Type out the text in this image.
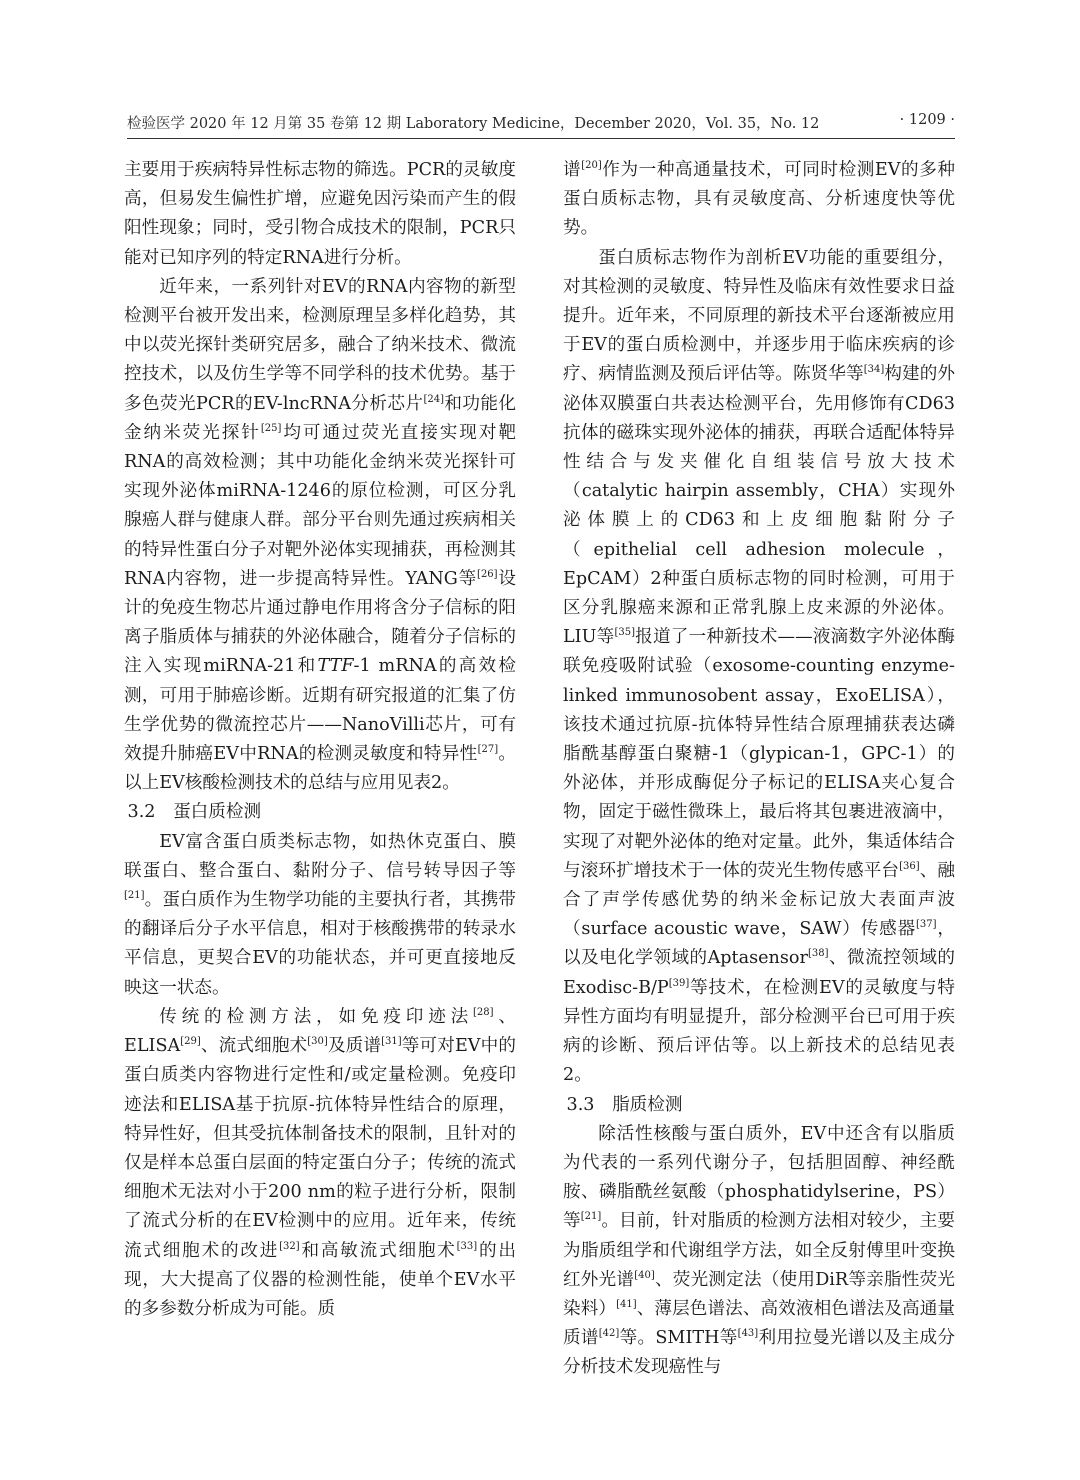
检验医学 2020 年 12 月第 35 卷第 12 期 Laboratory Medicine，December 2020，Vol. 35，No. 12	· 1209 ·

主要用于疾病特异性标志物的筛选。PCR的灵敏度高，但易发生偏性扩增，应避免因污染而产生的假阳性现象；同时，受引物合成技术的限制，PCR只能对已知序列的特定RNA进行分析。

近年来，一系列针对EV的RNA内容物的新型检测平台被开发出来，检测原理呈多样化趋势，其中以荧光探针类研究居多，融合了纳米技术、微流控技术，以及仿生学等不同学科的技术优势。基于多色荧光PCR的EV-lncRNA分析芯片[24]和功能化金纳米荧光探针[25]均可通过荧光直接实现对靶RNA的高效检测；其中功能化金纳米荧光探针可实现外泌体miRNA-1246的原位检测，可区分乳腺癌人群与健康人群。部分平台则先通过疾病相关的特异性蛋白分子对靶外泌体实现捕获，再检测其RNA内容物，进一步提高特异性。YANG等[26]设计的免疫生物芯片通过静电作用将含分子信标的阳离子脂质体与捕获的外泌体融合，随着分子信标的注入实现miRNA-21和TTF-1 mRNA的高效检测，可用于肺癌诊断。近期有研究报道的汇集了仿生学优势的微流控芯片——NanoVilli芯片，可有效提升肺癌EV中RNA的检测灵敏度和特异性[27]。以上EV核酸检测技术的总结与应用见表2。

3.2　蛋白质检测

EV富含蛋白质类标志物，如热休克蛋白、膜联蛋白、整合蛋白、黏附分子、信号转导因子等[21]。蛋白质作为生物学功能的主要执行者，其携带的翻译后分子水平信息，相对于核酸携带的转录水平信息，更契合EV的功能状态，并可更直接地反映这一状态。

传统的检测方法，如免疫印迹法[28]、ELISA[29]、流式细胞术[30]及质谱[31]等可对EV中的蛋白质类内容物进行定性和/或定量检测。免疫印迹法和ELISA基于抗原-抗体特异性结合的原理，特异性好，但其受抗体制备技术的限制，且针对的仅是样本总蛋白层面的特定蛋白分子；传统的流式细胞术无法对小于200 nm的粒子进行分析，限制了流式分析的在EV检测中的应用。近年来，传统流式细胞术的改进[32]和高敏流式细胞术[33]的出现，大大提高了仪器的检测性能，使单个EV水平的多参数分析成为可能。质

谱[20]作为一种高通量技术，可同时检测EV的多种蛋白质标志物，具有灵敏度高、分析速度快等优势。

蛋白质标志物作为剖析EV功能的重要组分，对其检测的灵敏度、特异性及临床有效性要求日益提升。近年来，不同原理的新技术平台逐渐被应用于EV的蛋白质检测中，并逐步用于临床疾病的诊疗、病情监测及预后评估等。陈贤华等[34]构建的外泌体双膜蛋白共表达检测平台，先用修饰有CD63抗体的磁珠实现外泌体的捕获，再联合适配体特异性结合与发夹催化自组装信号放大技术（catalytic hairpin assembly，CHA）实现外泌体膜上的CD63和上皮细胞黏附分子（epithelial cell adhesion molecule，EpCAM）2种蛋白质标志物的同时检测，可用于区分乳腺癌来源和正常乳腺上皮来源的外泌体。LIU等[35]报道了一种新技术——液滴数字外泌体酶联免疫吸附试验（exosome-counting enzyme-linked immunosobent assay，ExoELISA），该技术通过抗原-抗体特异性结合原理捕获表达磷脂酰基醇蛋白聚糖-1（glypican-1，GPC-1）的外泌体，并形成酶促分子标记的ELISA夹心复合物，固定于磁性微珠上，最后将其包裹进液滴中，实现了对靶外泌体的绝对定量。此外，集适体结合与滚环扩增技术于一体的荧光生物传感平台[36]、融合了声学传感优势的纳米金标记放大表面声波（surface acoustic wave，SAW）传感器[37]，以及电化学领域的Aptasensor[38]、微流控领域的Exodisc-B/P[39]等技术，在检测EV的灵敏度与特异性方面均有明显提升，部分检测平台已可用于疾病的诊断、预后评估等。以上新技术的总结见表2。

3.3　脂质检测

除活性核酸与蛋白质外，EV中还含有以脂质为代表的一系列代谢分子，包括胆固醇、神经酰胺、磷脂酰丝氨酸（phosphatidylserine，PS）等[21]。目前，针对脂质的检测方法相对较少，主要为脂质组学和代谢组学方法，如全反射傅里叶变换红外光谱[40]、荧光测定法（使用DiR等亲脂性荧光染料）[41]、薄层色谱法、高效液相色谱法及高通量质谱[42]等。SMITH等[43]利用拉曼光谱以及主成分分析技术发现癌性与
